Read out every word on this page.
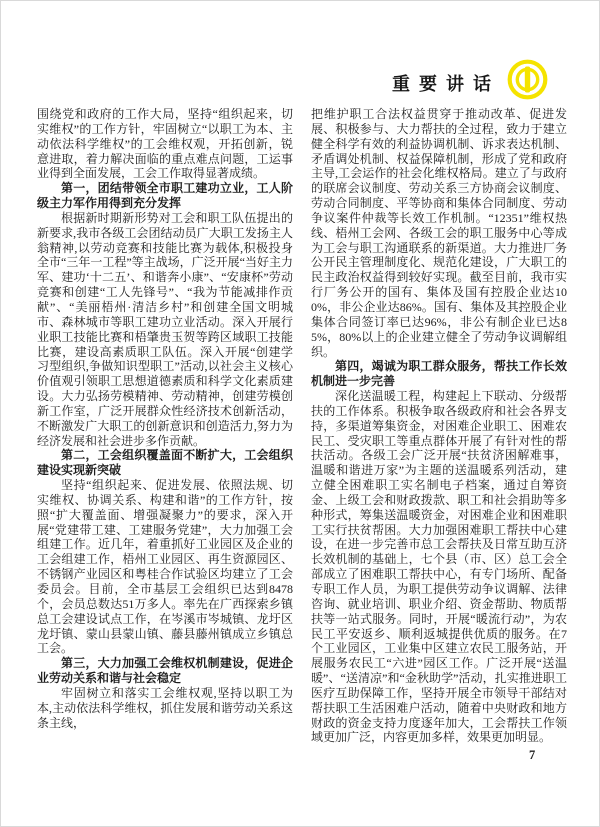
重要讲话

围绕党和政府的工作大局，坚持“组织起来，切实维权”的工作方针，牢固树立“以职工为本、主动依法科学维权”的工会维权观，开拓创新，锐意进取，着力解决面临的重点难点问题，工运事业得到全面发展，工会工作取得显著成绩。

第一，团结带领全市职工建功立业，工人阶级主力军作用得到充分发挥

根据新时期新形势对工会和职工队伍提出的新要求,我市各级工会团结动员广大职工发扬主人翁精神,以劳动竞赛和技能比赛为载体,积极投身全市“三年一工程”等主战场，广泛开展“当好主力军、建功‘十二五’、和谐奔小康”、“安康杯”劳动竞赛和创建“工人先锋号”、“我为节能减排作贡献”、“美丽梧州·清洁乡村”和创建全国文明城市、森林城市等职工建功立业活动。深入开展行业职工技能比赛和梧肇贵玉贺等跨区域职工技能比赛，建设高素质职工队伍。深入开展“创建学习型组织,争做知识型职工”活动,以社会主义核心价值观引领职工思想道德素质和科学文化素质建设。大力弘扬劳模精神、劳动精神，创建劳模创新工作室，广泛开展群众性经济技术创新活动，不断激发广大职工的创新意识和创造活力,努力为经济发展和社会进步多作贡献。

第二，工会组织覆盖面不断扩大，工会组织建设实现新突破

坚持“组织起来、促进发展、依照法规、切实维权、协调关系、构建和谐”的工作方针，按照“扩大覆盖面、增强凝聚力”的要求，深入开展“党建带工建、工建服务党建”，大力加强工会组建工作。近几年，着重抓好工业园区及企业的工会组建工作，梧州工业园区、再生资源园区、不锈钢产业园区和粤桂合作试验区均建立了工会委员会。目前，全市基层工会组织已达到8478个，会员总数达51万多人。率先在广西探索乡镇总工会建设试点工作，在岑溪市岑城镇、龙圩区龙圩镇、蒙山县蒙山镇、藤县藤州镇成立乡镇总工会。

第三，大力加强工会维权机制建设，促进企业劳动关系和谐与社会稳定

牢固树立和落实工会维权观,坚持以职工为本,主动依法科学维权，抓住发展和谐劳动关系这条主线，

把维护职工合法权益贯穿于推动改革、促进发展、积极参与、大力帮扶的全过程，致力于建立健全科学有效的利益协调机制、诉求表达机制、矛盾调处机制、权益保障机制，形成了党和政府主导,工会运作的社会化维权格局。建立了与政府的联席会议制度、劳动关系三方协商会议制度、劳动合同制度、平等协商和集体合同制度、劳动争议案件仲裁等长效工作机制。“12351”维权热线、梧州工会网、各级工会的职工服务中心等成为工会与职工沟通联系的新渠道。大力推进厂务公开民主管理制度化、规范化建设，广大职工的民主政治权益得到较好实现。截至目前，我市实行厂务公开的国有、集体及国有控股企业达100%，非公企业达86%。国有、集体及其控股企业集体合同签订率已达96%，非公有制企业已达85%，80%以上的企业建立健全了劳动争议调解组织。

第四，竭诚为职工群众服务，帮扶工作长效机制进一步完善

深化送温暖工程，构建起上下联动、分级帮扶的工作体系。积极争取各级政府和社会各界支持，多渠道筹集资金，对困难企业职工、困难农民工、受灾职工等重点群体开展了有针对性的帮扶活动。各级工会广泛开展“扶贫济困解难事，温暖和谐进万家”为主题的送温暖系列活动，建立健全困难职工实名制电子档案，通过自筹资金、上级工会和财政拨款、职工和社会捐助等多种形式，筹集送温暖资金，对困难企业和困难职工实行扶贫帮困。大力加强困难职工帮扶中心建设，在进一步完善市总工会帮扶及日常互助互济长效机制的基础上，七个县（市、区）总工会全部成立了困难职工帮扶中心，有专门场所、配备专职工作人员，为职工提供劳动争议调解、法律咨询、就业培训、职业介绍、资金帮助、物质帮扶等一站式服务。同时，开展“暖流行动”，为农民工平安返乡、顺利返城提供优质的服务。在7个工业园区，工业集中区建立农民工服务站，开展服务农民工“六进”园区工作。广泛开展“送温暖”、“送清凉”和“金秋助学”活动，扎实推进职工医疗互助保障工作，坚持开展全市领导干部结对帮扶职工生活困难户活动，随着中央财政和地方财政的资金支持力度逐年加大，工会帮扶工作领域更加广泛，内容更加多样，效果更加明显。

7
